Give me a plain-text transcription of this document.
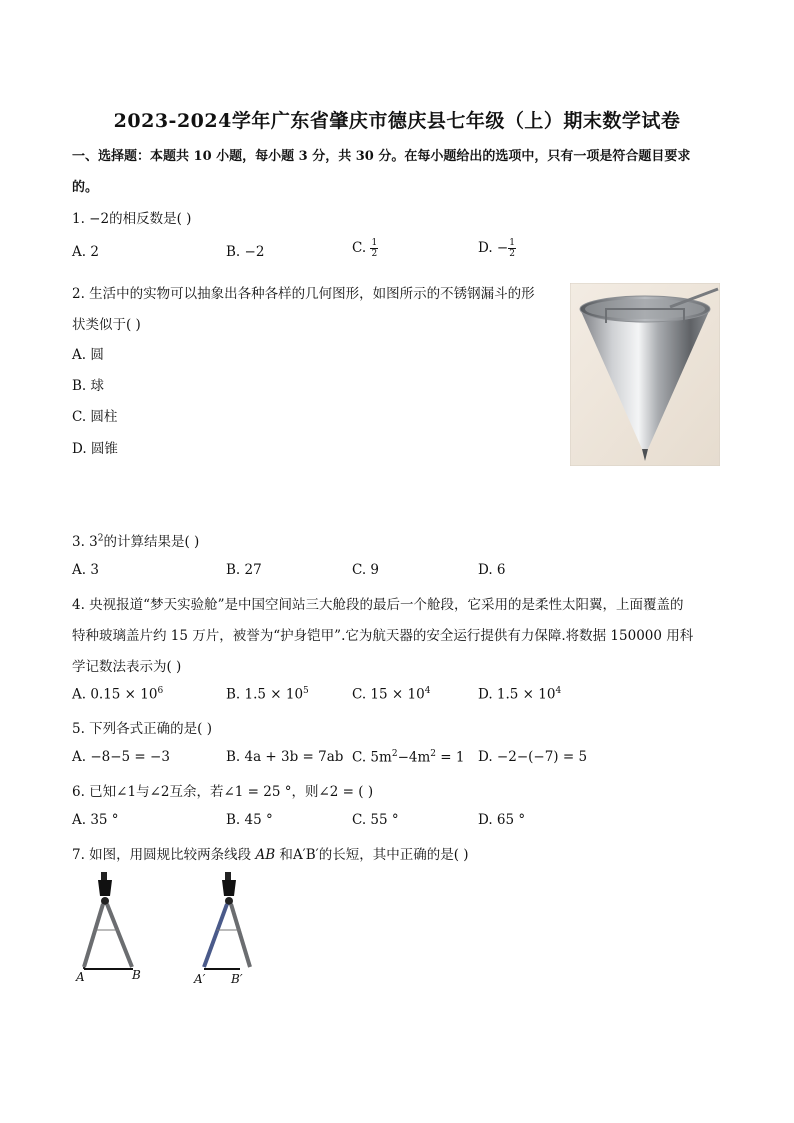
2023-2024学年广东省肇庆市德庆县七年级（上）期末数学试卷
一、选择题：本题共 10 小题，每小题 3 分，共 30 分。在每小题给出的选项中，只有一项是符合题目要求
的。
1. −2的相反数是( )
A. 2	B. −2	C. $\frac{1}{2}$	D. − $\frac{1}{2}$
2. 生活中的实物可以抽象出各种各样的几何图形，如图所示的不锈钢漏斗的形
状类似于( )
A. 圆
B. 球
C. 圆柱
D. 圆锥
3. $3^2$的计算结果是( )
A. 3	B. 27	C. 9	D. 6
4. 央视报道“梦天实验舱”是中国空间站三大舱段的最后一个舱段，它采用的是柔性太阳翼，上面覆盖的
特种玻璃盖片约 15 万片，被誉为“护身铠甲”.它为航天器的安全运行提供有力保障.将数据 150000 用科
学记数法表示为( )
A. $0.15 \times 10^6$	B. $1.5 \times 10^5$	C. $15 \times 10^4$	D. $1.5 \times 10^4$
5. 下列各式正确的是( )
A. −8−5 = −3	B. 4a + 3b = 7ab C. $5m^2-4m^2 = 1$ D. −2−(−7) = 5
6. 已知∠1与∠2互余，若∠1 = 25 °，则∠2 = ( )
A. 35 °	B. 45 °	C. 55 °	D. 65 °
7. 如图，用圆规比较两条线段 AB 和A′B′的长短，其中正确的是( )
A	B	A′ B′
